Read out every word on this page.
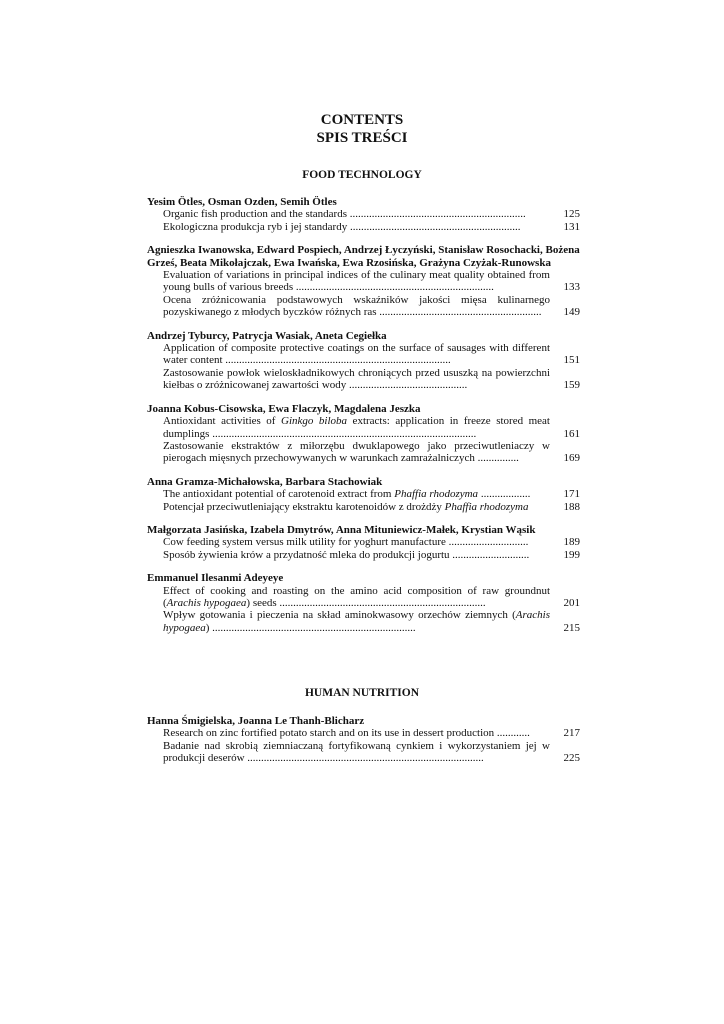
CONTENTS
SPIS TREŚCI
FOOD TECHNOLOGY
Yesim Ötles, Osman Ozden, Semih Ötles
Organic fish production and the standards ................................................................	125
Ekologiczna produkcja ryb i jej standardy ..............................................................	131
Agnieszka Iwanowska, Edward Pospiech, Andrzej Łyczyński, Stanisław Rosochacki, Bożena Grześ, Beata Mikołajczak, Ewa Iwańska, Ewa Rzosińska, Grażyna Czyżak-Runowska
Evaluation of variations in principal indices of the culinary meat quality obtained from young bulls of various breeds ........................................................................	133
Ocena zróżnicowania podstawowych wskaźników jakości mięsa kulinarnego pozyskiwanego z młodych byczków różnych ras ...........................................................	149
Andrzej Tyburcy, Patrycja Wasiak, Aneta Cegiełka
Application of composite protective coatings on the surface of sausages with different water content ..................................................................................	151
Zastosowanie powłok wieloskładnikowych chroniących przed ususzką na powierzchni kiełbas o zróżnicowanej zawartości wody ...........................................	159
Joanna Kobus-Cisowska, Ewa Flaczyk, Magdalena Jeszka
Antioxidant activities of Ginkgo biloba extracts: application in freeze stored meat dumplings ................................................................................................	161
Zastosowanie ekstraktów z miłorzębu dwuklapowego jako przeciwutleniaczy w pierogach mięsnych przechowywanych w warunkach zamrażalniczych ...............	169
Anna Gramza-Michałowska, Barbara Stachowiak
The antioxidant potential of carotenoid extract from Phaffia rhodozyma ..................	171
Potencjał przeciwutleniający ekstraktu karotenoidów z drożdży Phaffia rhodozyma	188
Małgorzata Jasińska, Izabela Dmytrów, Anna Mituniewicz-Małek, Krystian Wąsik
Cow feeding system versus milk utility for yoghurt manufacture .............................	189
Sposób żywienia krów a przydatność mleka do produkcji jogurtu ............................	199
Emmanuel Ilesanmi Adeyeye
Effect of cooking and roasting on the amino acid composition of raw groundnut (Arachis hypogaea) seeds ...........................................................................	201
Wpływ gotowania i pieczenia na skład aminokwasowy orzechów ziemnych (Arachis hypogaea) ..........................................................................	215
HUMAN NUTRITION
Hanna Śmigielska, Joanna Le Thanh-Blicharz
Research on zinc fortified potato starch and on its use in dessert production ............	217
Badanie nad skrobią ziemniaczaną fortyfikowaną cynkiem i wykorzystaniem jej w produkcji deserów ......................................................................................	225
